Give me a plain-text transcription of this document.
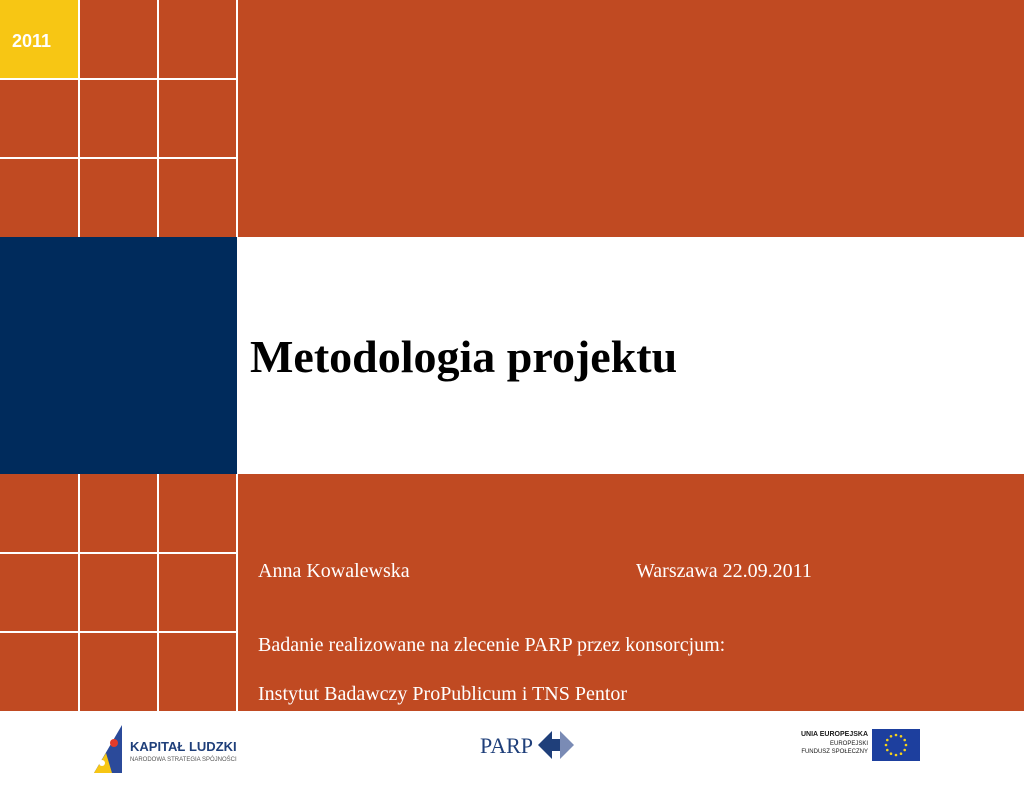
2011
Metodologia projektu
Anna Kowalewska	Warszawa 22.09.2011
Badanie realizowane na zlecenie PARP przez konsorcjum:
Instytut Badawczy ProPublicum i TNS Pentor
KAPITAŁ LUDZKI
NARODOWA STRATEGIA SPÓJNOŚCI
PARP	UNIA EUROPEJSKA
EUROPEJSKI
FUNDUSZ SPOŁECZNY
